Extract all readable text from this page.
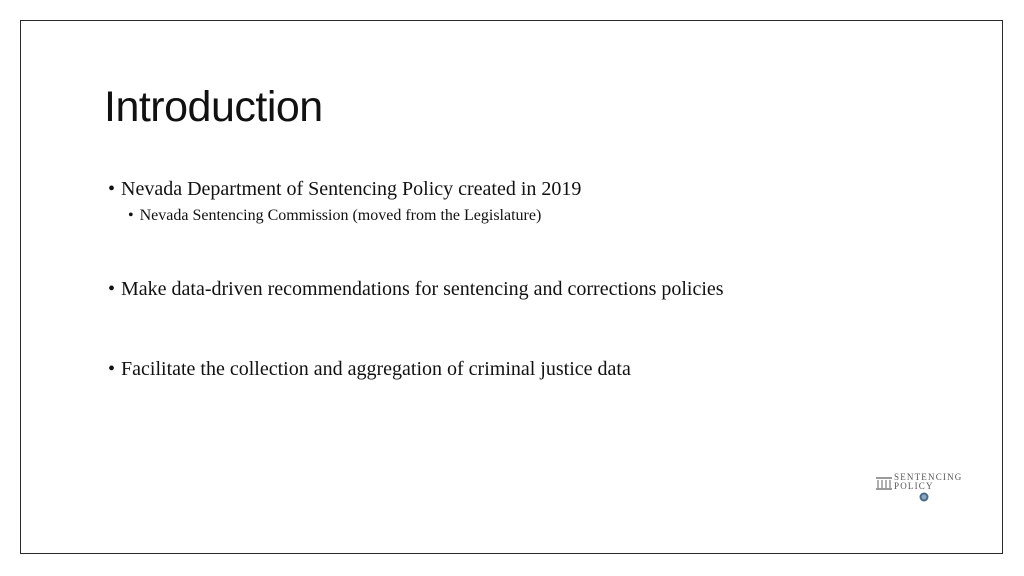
Introduction
• Nevada Department of Sentencing Policy created in 2019
• Nevada Sentencing Commission (moved from the Legislature)
• Make data-driven recommendations for sentencing and corrections policies
• Facilitate the collection and aggregation of criminal justice data
SENTENCING
POLICY
